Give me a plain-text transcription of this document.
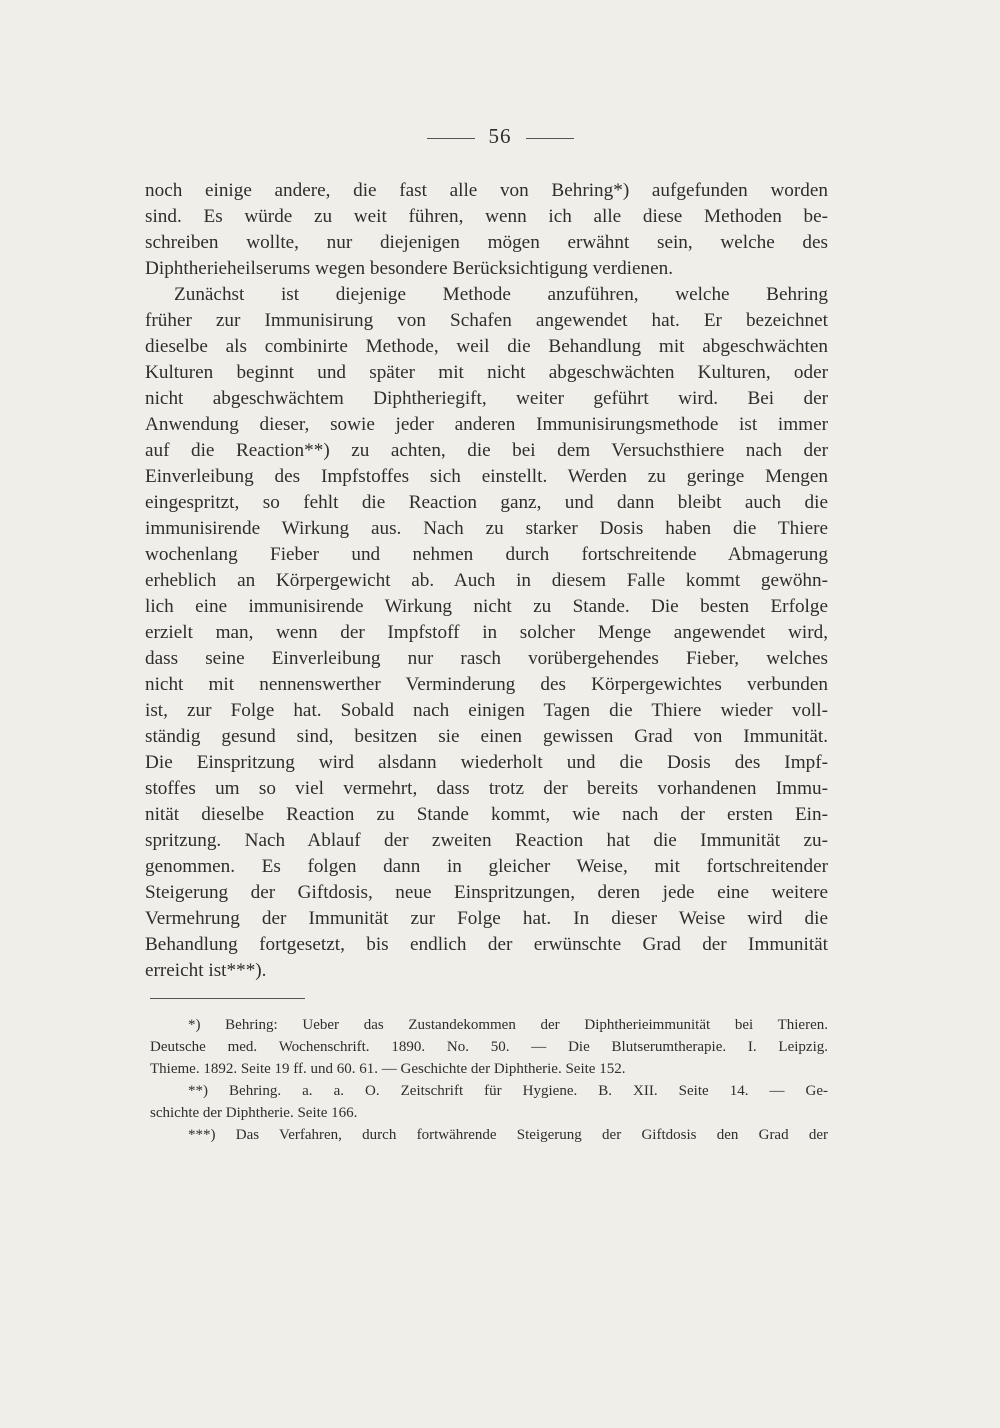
56
noch einige andere, die fast alle von Behring*) aufgefunden worden
sind. Es würde zu weit führen, wenn ich alle diese Methoden be-
schreiben wollte, nur diejenigen mögen erwähnt sein, welche des
Diphtherieheilserums wegen besondere Berücksichtigung verdienen.
Zunächst ist diejenige Methode anzuführen, welche Behring
früher zur Immunisirung von Schafen angewendet hat. Er bezeichnet
dieselbe als combinirte Methode, weil die Behandlung mit abgeschwächten
Kulturen beginnt und später mit nicht abgeschwächten Kulturen, oder
nicht abgeschwächtem Diphtheriegift, weiter geführt wird. Bei der
Anwendung dieser, sowie jeder anderen Immunisirungsmethode ist immer
auf die Reaction**) zu achten, die bei dem Versuchsthiere nach der
Einverleibung des Impfstoffes sich einstellt. Werden zu geringe Mengen
eingespritzt, so fehlt die Reaction ganz, und dann bleibt auch die
immunisirende Wirkung aus. Nach zu starker Dosis haben die Thiere
wochenlang Fieber und nehmen durch fortschreitende Abmagerung
erheblich an Körpergewicht ab. Auch in diesem Falle kommt gewöhn-
lich eine immunisirende Wirkung nicht zu Stande. Die besten Erfolge
erzielt man, wenn der Impfstoff in solcher Menge angewendet wird,
dass seine Einverleibung nur rasch vorübergehendes Fieber, welches
nicht mit nennenswerther Verminderung des Körpergewichtes verbunden
ist, zur Folge hat. Sobald nach einigen Tagen die Thiere wieder voll-
ständig gesund sind, besitzen sie einen gewissen Grad von Immunität.
Die Einspritzung wird alsdann wiederholt und die Dosis des Impf-
stoffes um so viel vermehrt, dass trotz der bereits vorhandenen Immu-
nität dieselbe Reaction zu Stande kommt, wie nach der ersten Ein-
spritzung. Nach Ablauf der zweiten Reaction hat die Immunität zu-
genommen. Es folgen dann in gleicher Weise, mit fortschreitender
Steigerung der Giftdosis, neue Einspritzungen, deren jede eine weitere
Vermehrung der Immunität zur Folge hat. In dieser Weise wird die
Behandlung fortgesetzt, bis endlich der erwünschte Grad der Immunität
erreicht ist***).
*) Behring: Ueber das Zustandekommen der Diphtherieimmunität bei Thieren.
Deutsche med. Wochenschrift. 1890. No. 50. — Die Blutserumtherapie. I. Leipzig.
Thieme. 1892. Seite 19 ff. und 60. 61. — Geschichte der Diphtherie. Seite 152.
**) Behring. a. a. O. Zeitschrift für Hygiene. B. XII. Seite 14. — Ge-
schichte der Diphtherie. Seite 166.
***) Das Verfahren, durch fortwährende Steigerung der Giftdosis den Grad der
